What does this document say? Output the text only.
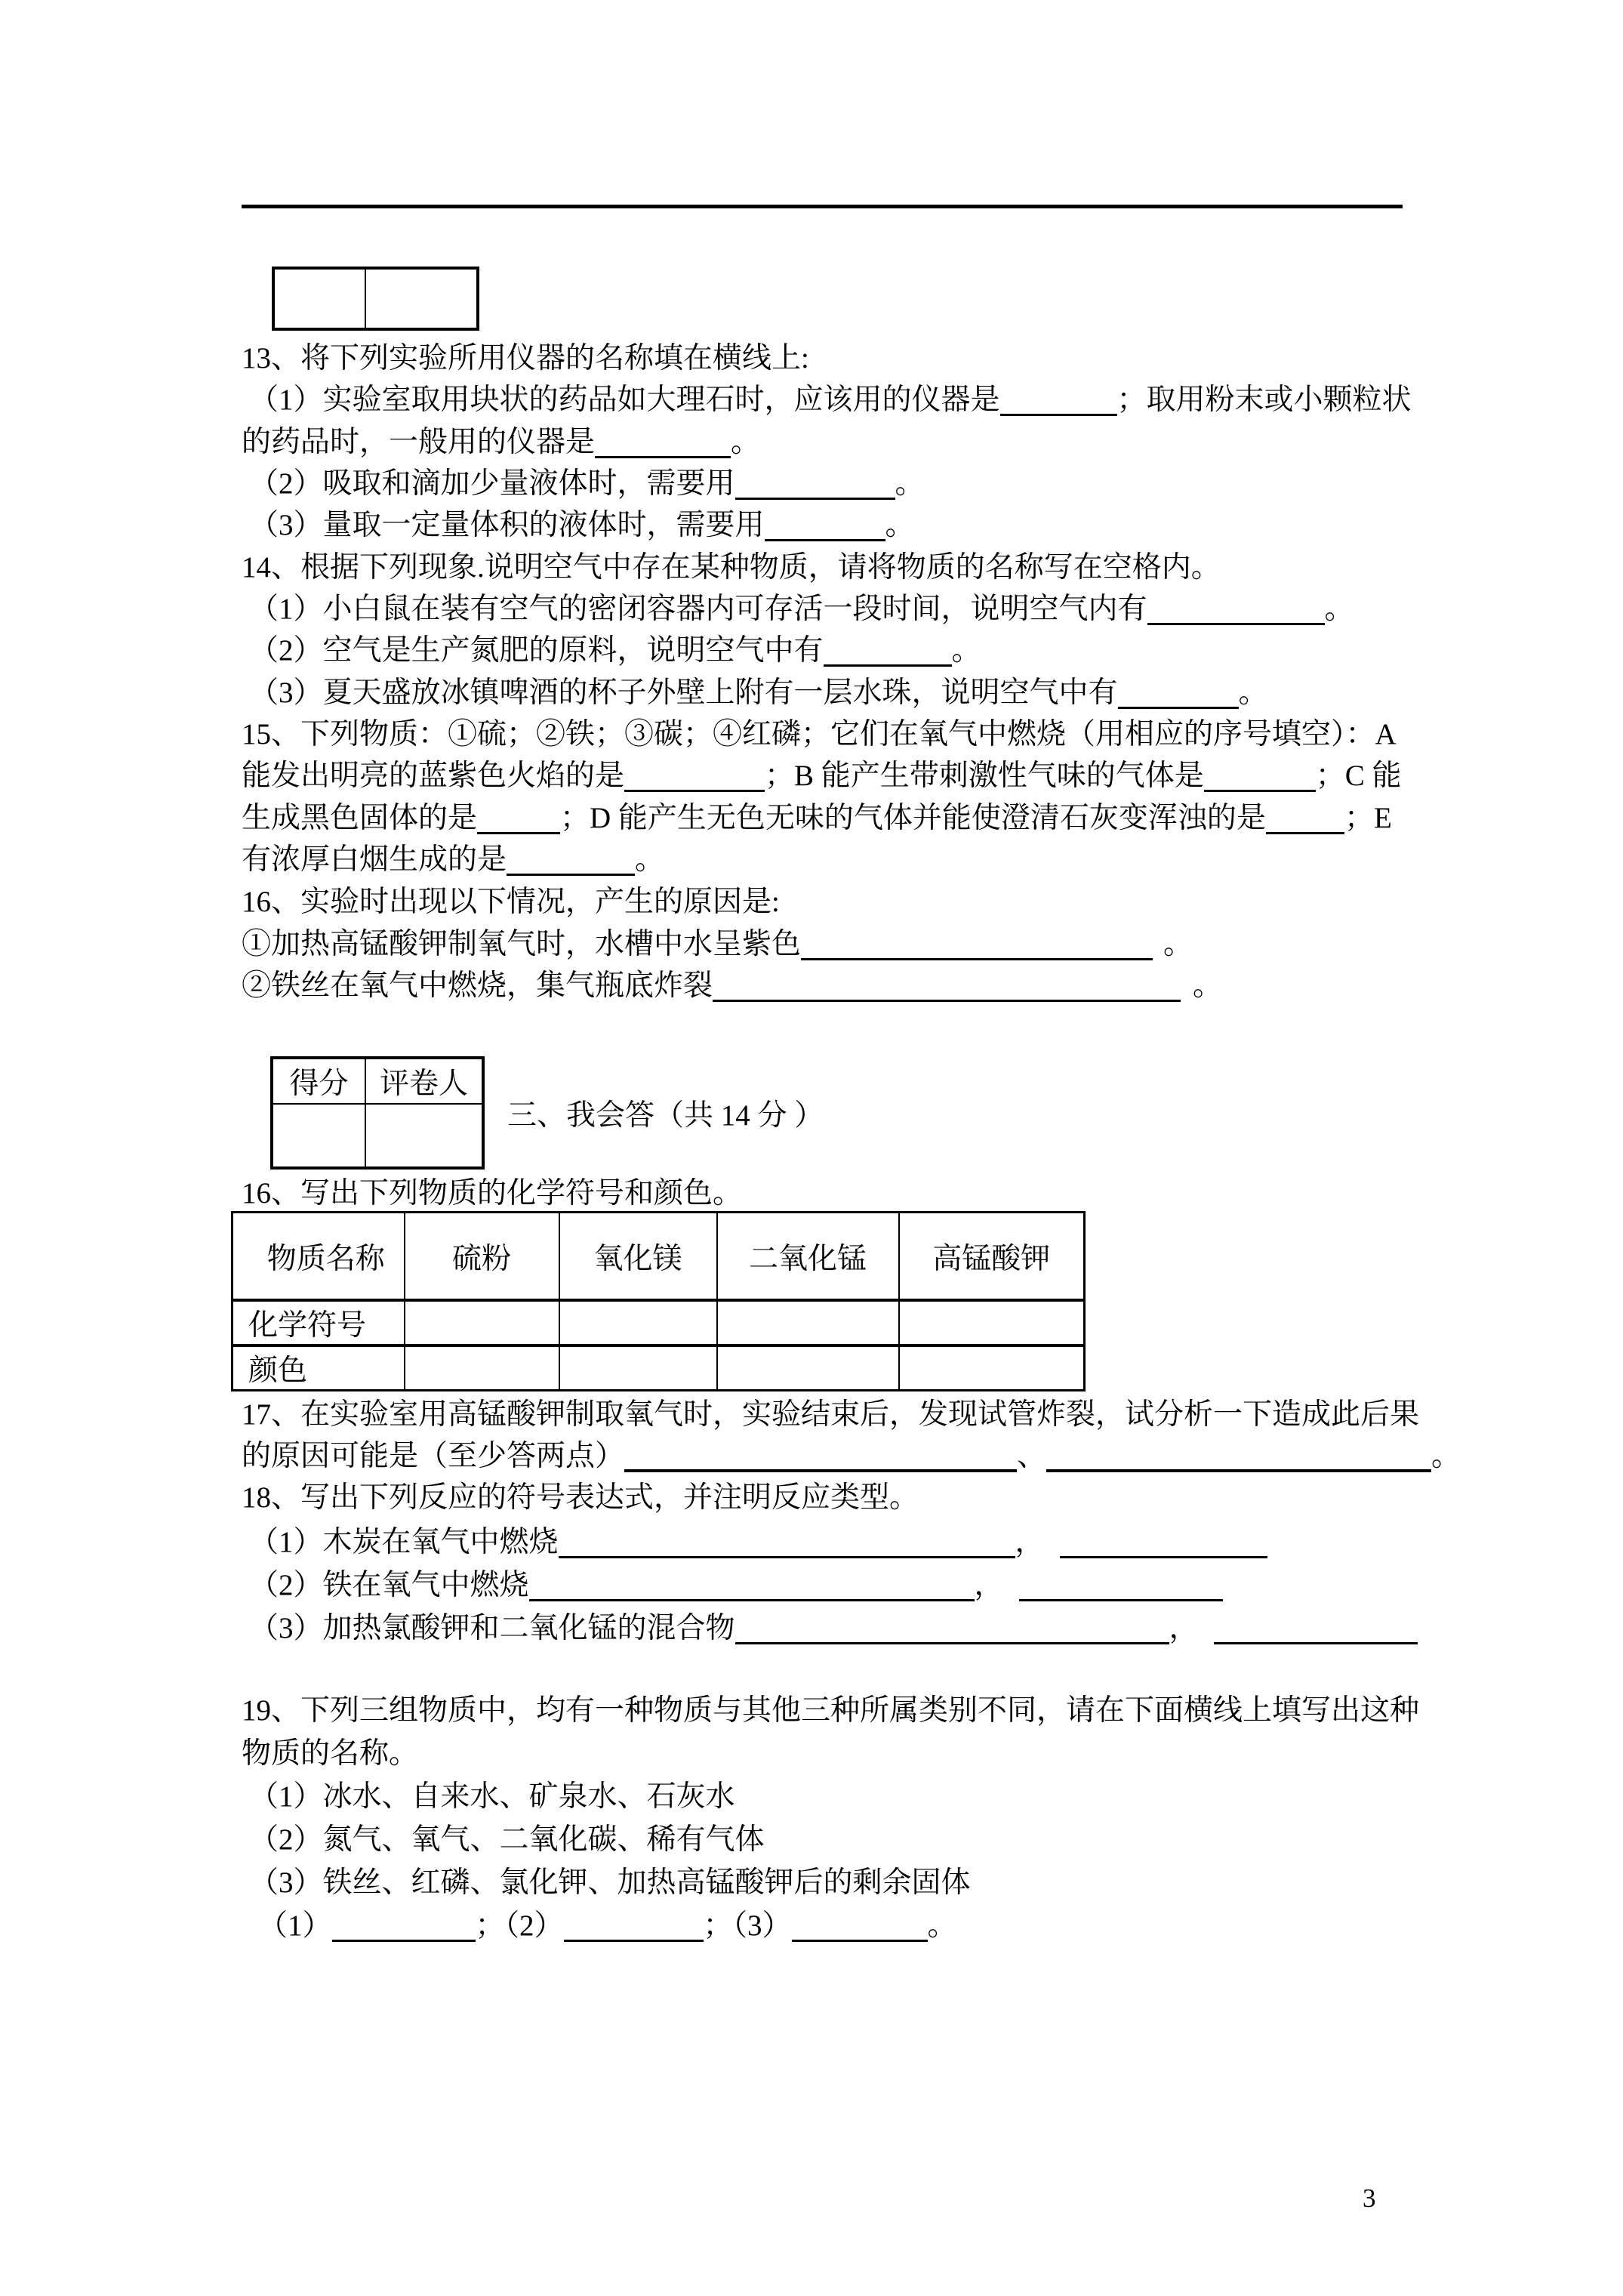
13、将下列实验所用仪器的名称填在横线上:
（1）实验室取用块状的药品如大理石时，应该用的仪器是	；取用粉末或小颗粒状
的药品时，一般用的仪器是	。
（2）吸取和滴加少量液体时，需要用	。
（3）量取一定量体积的液体时，需要用	。
14、根据下列现象.说明空气中存在某种物质，请将物质的名称写在空格内。
（1）小白鼠在装有空气的密闭容器内可存活一段时间，说明空气内有	。
（2）空气是生产氮肥的原料，说明空气中有	。
（3）夏天盛放冰镇啤酒的杯子外壁上附有一层水珠，说明空气中有	。
15、下列物质：①硫；②铁；③碳；④红磷；它们在氧气中燃烧（用相应的序号填空）：A
能发出明亮的蓝紫色火焰的是	；B 能产生带刺激性气味的气体是	；C 能
生成黑色固体的是	；D 能产生无色无味的气体并能使澄清石灰变浑浊的是	；E
有浓厚白烟生成的是	。
16、实验时出现以下情况，产生的原因是:
①加热高锰酸钾制氧气时，水槽中水呈紫色	。
②铁丝在氧气中燃烧，集气瓶底炸裂	。
得分	评卷人

三、我会答（共 14 分 ）
16、写出下列物质的化学符号和颜色。
物质名称	硫粉	氧化镁	二氧化锰	高锰酸钾
化学符号				
颜色				
17、在实验室用高锰酸钾制取氧气时，实验结束后，发现试管炸裂，试分析一下造成此后果
的原因可能是（至少答两点）	、	。
18、写出下列反应的符号表达式，并注明反应类型。
（1）木炭在氧气中燃烧	，
（2）铁在氧气中燃烧	，
（3）加热氯酸钾和二氧化锰的混合物	，
19、下列三组物质中，均有一种物质与其他三种所属类别不同，请在下面横线上填写出这种
物质的名称。
（1）冰水、自来水、矿泉水、石灰水
（2）氮气、氧气、二氧化碳、稀有气体
（3）铁丝、红磷、氯化钾、加热高锰酸钾后的剩余固体
（1）	；（2）	；（3）	。
3
